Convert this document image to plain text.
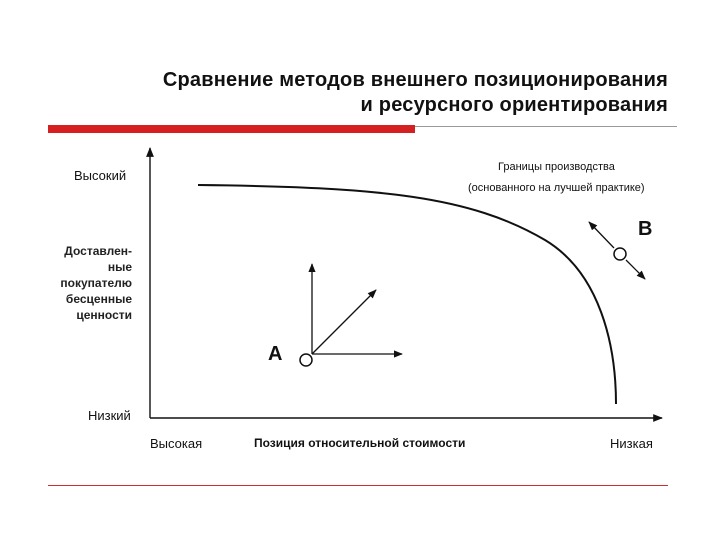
Сравнение методов внешнего позиционирования
и ресурсного ориентирования
Высокий
Доставлен-
ные
покупателю
бесценные
ценности
Низкий
Высокая	Позиция относительной стоимости	Низкая
Границы производства
(основанного на лучшей практике)
B
A
